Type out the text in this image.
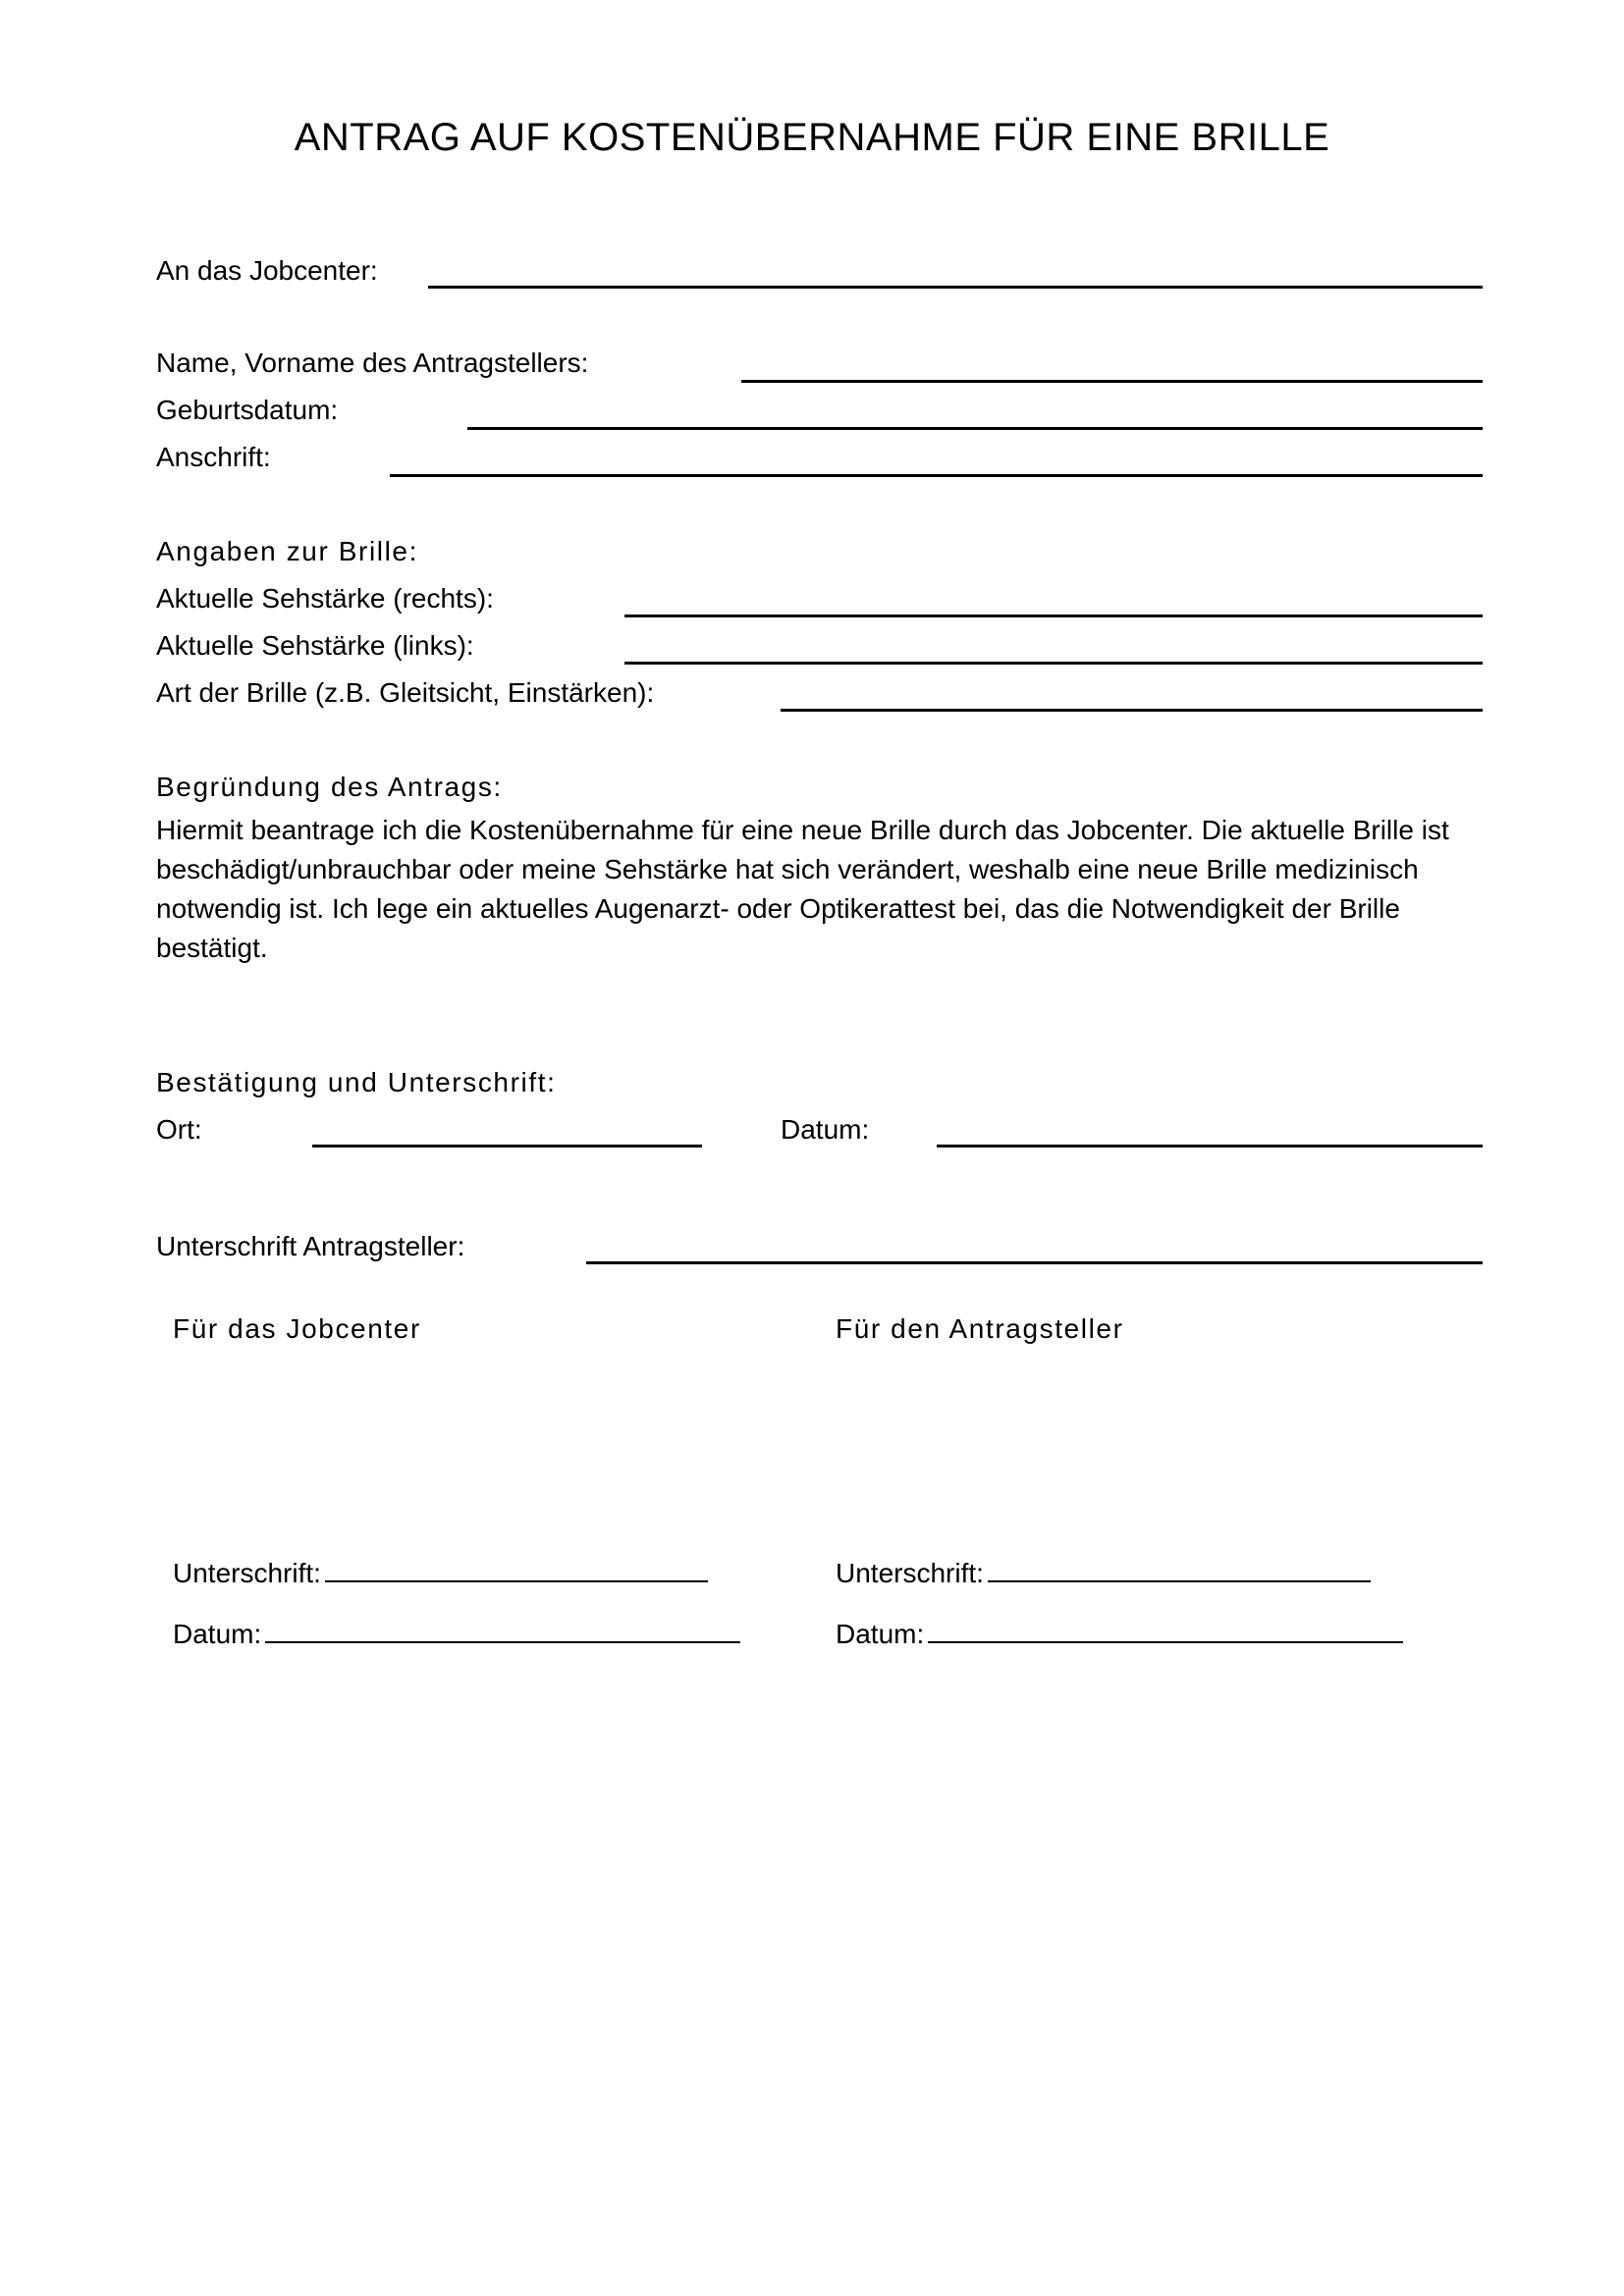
ANTRAG AUF KOSTENÜBERNAHME FÜR EINE BRILLE
An das Jobcenter:
Name, Vorname des Antragstellers:
Geburtsdatum:
Anschrift:
Angaben zur Brille:
Aktuelle Sehstärke (rechts):
Aktuelle Sehstärke (links):
Art der Brille (z.B. Gleitsicht, Einstärken):
Begründung des Antrags:
Hiermit beantrage ich die Kostenübernahme für eine neue Brille durch das Jobcenter. Die aktuelle Brille ist beschädigt/unbrauchbar oder meine Sehstärke hat sich verändert, weshalb eine neue Brille medizinisch notwendig ist. Ich lege ein aktuelles Augenarzt- oder Optikerattest bei, das die Notwendigkeit der Brille bestätigt.
Bestätigung und Unterschrift:
Ort:	Datum:
Unterschrift Antragsteller:
Für das Jobcenter
Unterschrift:
Datum:
Für den Antragsteller
Unterschrift:
Datum:
